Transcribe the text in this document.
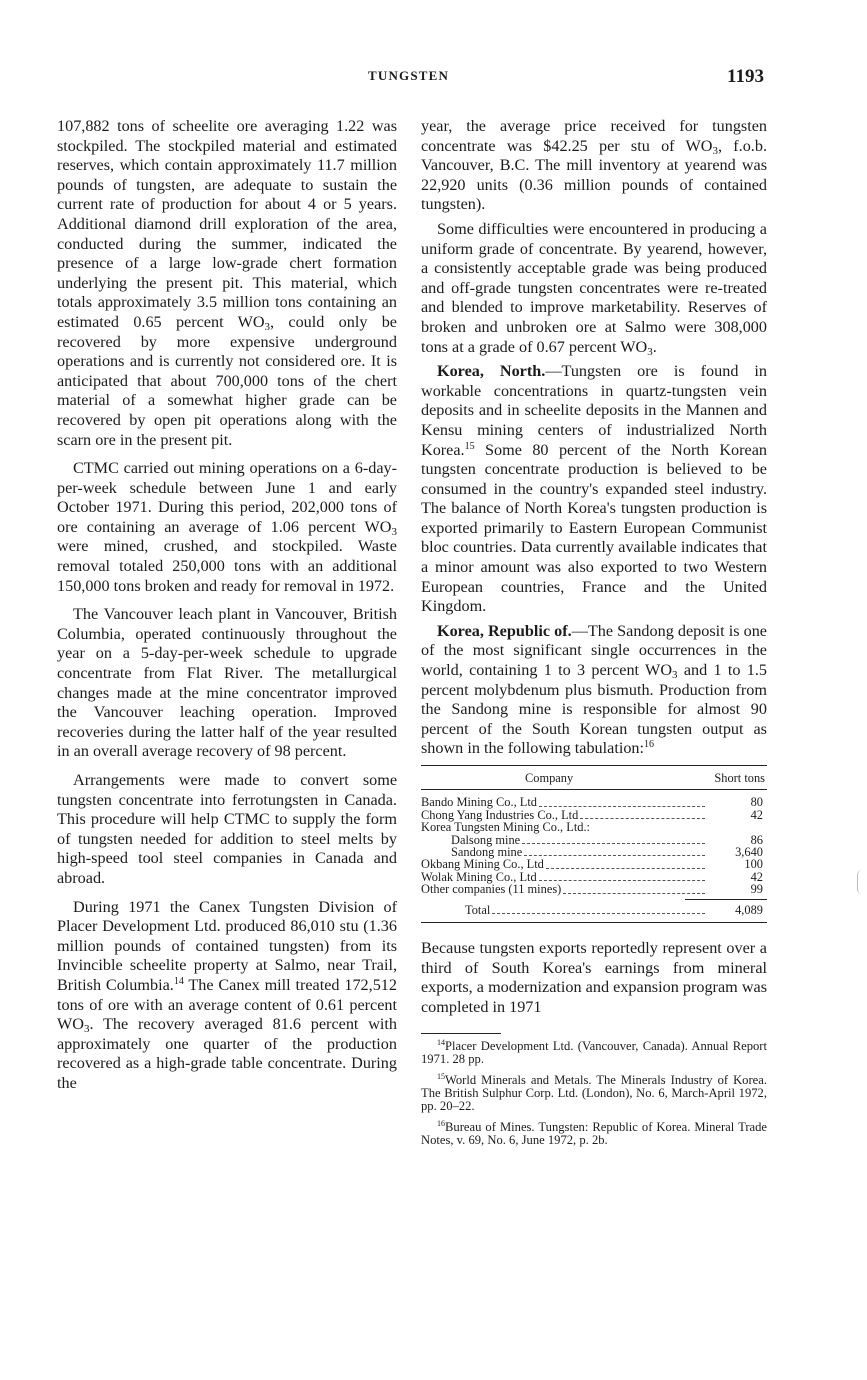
TUNGSTEN	1193

107,882 tons of scheelite ore averaging 1.22 was stockpiled. The stockpiled material and estimated reserves, which contain approximately 11.7 million pounds of tungsten, are adequate to sustain the current rate of production for about 4 or 5 years. Additional diamond drill exploration of the area, conducted during the summer, indicated the presence of a large low-grade chert formation underlying the present pit. This material, which totals approximately 3.5 million tons containing an estimated 0.65 percent $WO_3$, could only be recovered by more expensive underground operations and is currently not considered ore. It is anticipated that about 700,000 tons of the chert material of a somewhat higher grade can be recovered by open pit operations along with the scarn ore in the present pit.

CTMC carried out mining operations on a 6-day-per-week schedule between June 1 and early October 1971. During this period, 202,000 tons of ore containing an average of 1.06 percent $WO_3$ were mined, crushed, and stockpiled. Waste removal totaled 250,000 tons with an additional 150,000 tons broken and ready for removal in 1972.

The Vancouver leach plant in Vancouver, British Columbia, operated continuously throughout the year on a 5-day-per-week schedule to upgrade concentrate from Flat River. The metallurgical changes made at the mine concentrator improved the Vancouver leaching operation. Improved recoveries during the latter half of the year resulted in an overall average recovery of 98 percent.

Arrangements were made to convert some tungsten concentrate into ferrotungsten in Canada. This procedure will help CTMC to supply the form of tungsten needed for addition to steel melts by high-speed tool steel companies in Canada and abroad.

During 1971 the Canex Tungsten Division of Placer Development Ltd. produced 86,010 stu (1.36 million pounds of contained tungsten) from its Invincible scheelite property at Salmo, near Trail, British Columbia.$^{14}$ The Canex mill treated 172,512 tons of ore with an average content of 0.61 percent $WO_3$. The recovery averaged 81.6 percent with approximately one quarter of the production recovered as a high-grade table concentrate. During the

year, the average price received for tungsten concentrate was $42.25 per stu of $WO_3$, f.o.b. Vancouver, B.C. The mill inventory at yearend was 22,920 units (0.36 million pounds of contained tungsten).

Some difficulties were encountered in producing a uniform grade of concentrate. By yearend, however, a consistently acceptable grade was being produced and off-grade tungsten concentrates were re-treated and blended to improve marketability. Reserves of broken and unbroken ore at Salmo were 308,000 tons at a grade of 0.67 percent $WO_3$.

Korea, North.—Tungsten ore is found in workable concentrations in quartz-tungsten vein deposits and in scheelite deposits in the Mannen and Kensu mining centers of industrialized North Korea.$^{15}$ Some 80 percent of the North Korean tungsten concentrate production is believed to be consumed in the country's expanded steel industry. The balance of North Korea's tungsten production is exported primarily to Eastern European Communist bloc countries. Data currently available indicates that a minor amount was also exported to two Western European countries, France and the United Kingdom.

Korea, Republic of.—The Sandong deposit is one of the most significant single occurrences in the world, containing 1 to 3 percent $WO_3$ and 1 to 1.5 percent molybdenum plus bismuth. Production from the Sandong mine is responsible for almost 90 percent of the South Korean tungsten output as shown in the following tabulation:$^{16}$

Company	Short tons
Bando Mining Co., Ltd	80
Chong Yang Industries Co., Ltd	42
Korea Tungsten Mining Co., Ltd.:
Dalsong mine	86
Sandong mine	3,640
Okbang Mining Co., Ltd	100
Wolak Mining Co., Ltd	42
Other companies (11 mines)	99
Total	4,089

Because tungsten exports reportedly represent over a third of South Korea's earnings from mineral exports, a modernization and expansion program was completed in 1971

$^{14}$Placer Development Ltd. (Vancouver, Canada). Annual Report 1971. 28 pp.

$^{15}$World Minerals and Metals. The Minerals Industry of Korea. The British Sulphur Corp. Ltd. (London), No. 6, March-April 1972, pp. 20–22.

$^{16}$Bureau of Mines. Tungsten: Republic of Korea. Mineral Trade Notes, v. 69, No. 6, June 1972, p. 2b.
